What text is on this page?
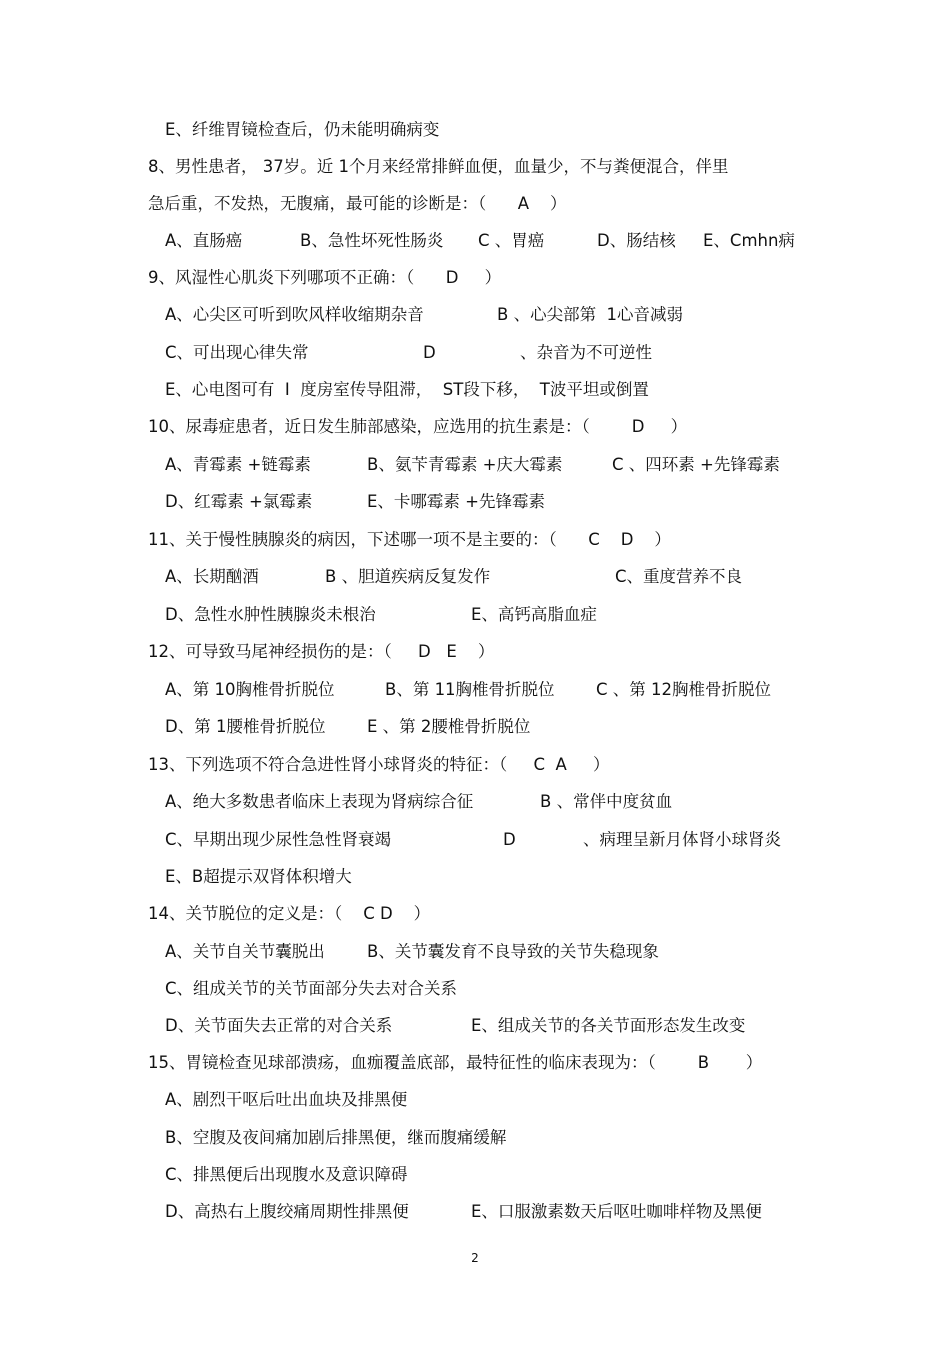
E、纤维胃镜检查后，仍未能明确病变
8、男性患者， 37岁。近 1个月来经常排鲜血便，血量少，不与粪便混合，伴里
急后重，不发热，无腹痛，最可能的诊断是：（      A    ）
A、直肠癌	B、急性坏死性肠炎 C 、胃癌	D、肠结核 E、Cmhn病
9、风湿性心肌炎下列哪项不正确：（      D     ）
A、心尖区可听到吹风样收缩期杂音	B 、心尖部第  1心音减弱
C、可出现心律失常	D	、杂音为不可逆性
E、心电图可有  I  度房室传导阻滞，  ST段下移，  T波平坦或倒置
10、尿毒症患者，近日发生肺部感染，应选用的抗生素是：（        D     ）
A、青霉素 +链霉素	B、氨苄青霉素 +庆大霉素	C 、四环素 +先锋霉素
D、红霉素 +氯霉素	E、卡哪霉素 +先锋霉素
11、关于慢性胰腺炎的病因，下述哪一项不是主要的：（      C    D    ）
A、长期酗酒	B 、胆道疾病反复发作	C、重度营养不良
D、急性水肿性胰腺炎未根治	E、高钙高脂血症
12、可导致马尾神经损伤的是：（     D   E    ）
A、第 10胸椎骨折脱位	B、第 11胸椎骨折脱位	C 、第 12胸椎骨折脱位
D、第 1腰椎骨折脱位	E 、第 2腰椎骨折脱位
13、下列选项不符合急进性肾小球肾炎的特征：（     C  A     ）
A、绝大多数患者临床上表现为肾病综合征	B 、常伴中度贫血
C、早期出现少尿性急性肾衰竭	D	、病理呈新月体肾小球肾炎
E、B超提示双肾体积增大
14、关节脱位的定义是：（    C D    ）
A、关节自关节囊脱出	B、关节囊发育不良导致的关节失稳现象
C、组成关节的关节面部分失去对合关系
D、关节面失去正常的对合关系	E、组成关节的各关节面形态发生改变
15、胃镜检查见球部溃疡，血痂覆盖底部，最特征性的临床表现为：（        B       ）
A、剧烈干呕后吐出血块及排黑便
B、空腹及夜间痛加剧后排黑便，继而腹痛缓解
C、排黑便后出现腹水及意识障碍
D、高热右上腹绞痛周期性排黑便	E、口服激素数天后呕吐咖啡样物及黑便
2
